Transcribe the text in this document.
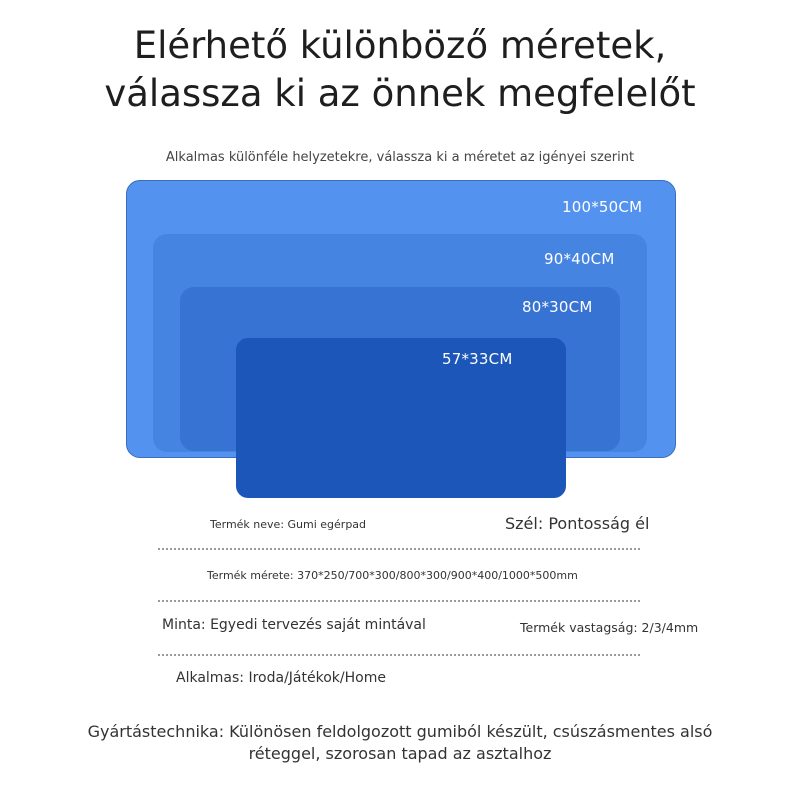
Elérhető különböző méretek,
válassza ki az önnek megfelelőt
Alkalmas különféle helyzetekre, válassza ki a méretet az igényei szerint
100*50CM
90*40CM
80*30CM
57*33CM
Termék neve: Gumi egérpad	Szél: Pontosság él
Termék mérete: 370*250/700*300/800*300/900*400/1000*500mm
Minta: Egyedi tervezés saját mintával	Termék vastagság: 2/3/4mm
Alkalmas: Iroda/Játékok/Home
Gyártástechnika: Különösen feldolgozott gumiból készült, csúszásmentes alsó
réteggel, szorosan tapad az asztalhoz
